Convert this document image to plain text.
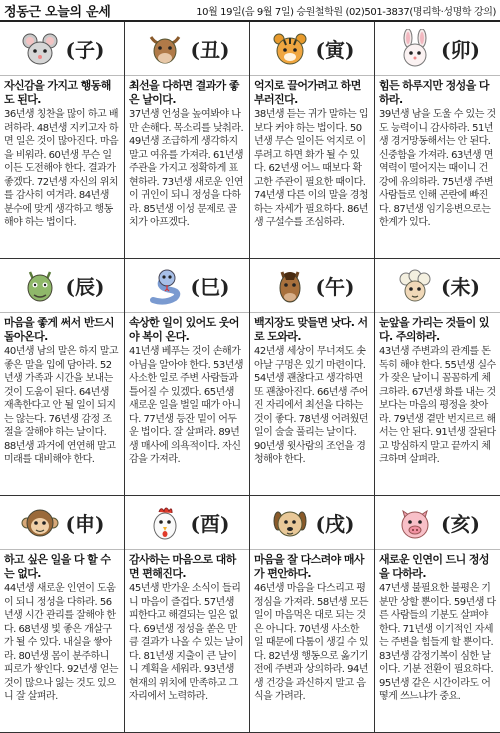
정동근 오늘의 운세	10월 19일(음 9월 7일) 승원철학원 (02)501-3837(명리학·성명학 강의)
(子)
자신감을 가지고 행동해도 된다.
36년생 칭찬을 많이 하고 배려하라. 48년생 지키고자 하면 일은 것이 많아진다. 마음을 비워라. 60년생 무슨 일이든 도전해야 한다. 결과가 좋겠다. 72년생 자신의 위치를 감사히 여겨라. 84년생 분수에 맞게 생각하고 행동해야 하는 법이다.
(丑)
최선을 다하면 결과가 좋은 날이다.
37년생 언성을 높여봐야 나만 손해다. 목소리를 낮춰라. 49년생 조급하게 생각하지 말고 여유를 가져라. 61년생 주관을 가지고 정확하게 표현하라. 73년생 새로운 인연이 귀인이 되니 정성을 다하라. 85년생 이성 문제로 골치가 아프겠다.
(寅)
억지로 끌어가려고 하면 부러진다.
38년생 듣는 귀가 말하는 입보다 커야 하는 법이다. 50년생 무슨 일이든 억지로 이루려고 하면 화가 될 수 있다. 62년생 어느 때보다 확고한 주관이 필요한 때이다. 74년생 다른 이의 말을 경청하는 자세가 필요하다. 86년생 구설수를 조심하라.
(卯)
힘든 하루지만 정성을 다하라.
39년생 남을 도울 수 있는 것도 능력이니 감사하라. 51년생 경거망동해서는 안 된다. 신중함을 가져라. 63년생 면역력이 떨어지는 때이니 건강에 유의하라. 75년생 주변 사람들로 인해 곤란에 빠진다. 87년생 임기응변으로는 한계가 있다.
(辰)
마음을 좋게 써서 반드시 돌아온다.
40년생 남의 말은 하지 말고 좋은 말을 입에 담아라. 52년생 가족과 시간을 보내는 것이 도움이 된다. 64년생 재촉한다고 안 될 일이 되지는 않는다. 76년생 감정 조절을 잘해야 하는 날이다. 88년생 과거에 연연해 말고 미래를 대비해야 한다.
(巳)
속상한 일이 있어도 웃어야 복이 온다.
41년생 베푸는 것이 손해가 아님을 알아야 한다. 53년생 사소한 일로 주변 사람들과 틀어질 수 있겠다. 65년생 새로운 일을 벌일 때가 아니다. 77년생 등잔 밑이 어두운 법이다. 잘 살펴라. 89년생 매사에 의욕적이다. 자신감을 가져라.
(午)
백지장도 맞들면 낫다. 서로 도와라.
42년생 세상이 무너져도 솟아날 구멍은 있기 마련이다. 54년생 괜찮다고 생각하면 또 괜찮아진다. 66년생 주어진 자리에서 최선을 다하는 것이 좋다. 78년생 어려웠던 일이 술술 풀리는 날이다. 90년생 윗사람의 조언을 경청해야 한다.
(未)
눈앞을 가리는 것들이 있다. 주의하라.
43년생 주변과의 관계를 돈독히 해야 한다. 55년생 실수가 잦은 날이니 꼼꼼하게 체크하라. 67년생 화를 내는 것보다는 마음의 평정을 찾아라. 79년생 곁만 번지르르 해서는 안 된다. 91년생 잘된다고 방심하지 말고 끝까지 체크하며 살펴라.
(申)
하고 싶은 일을 다 할 수는 없다.
44년생 새로운 인연이 도움이 되니 정성을 다하라. 56년생 시간 관리를 잘해야 한다. 68년생 빛 좋은 개살구가 될 수 있다. 내실을 쌓아라. 80년생 몸이 분주하니 피로가 쌓인다. 92년생 얻는 것이 많으나 잃는 것도 있으니 잘 살펴라.
(酉)
감사하는 마음으로 대하면 편해진다.
45년생 반가운 소식이 들리니 마음이 즐겁다. 57년생 피한다고 해결되는 일은 없다. 69년생 정성을 쏟은 만큼 결과가 나올 수 있는 날이다. 81년생 지출이 큰 날이니 계획을 세워라. 93년생 현재의 위치에 만족하고 그 자리에서 노력하라.
(戌)
마음을 잘 다스려야 매사가 편안하다.
46년생 마음을 다스리고 평정심을 가져라. 58년생 모든 일이 마음먹은 대로 되는 것은 아니다. 70년생 사소한 일 때문에 다툼이 생길 수 있다. 82년생 행동으로 옮기기 전에 주변과 상의하라. 94년생 건강을 과신하지 말고 음식을 가려라.
(亥)
새로운 인연이 드니 정성을 다하라.
47년생 불필요한 불평은 기분만 상할 뿐이다. 59년생 다른 사람들의 기분도 살펴야 한다. 71년생 이기적인 자세는 주변을 힘들게 할 뿐이다. 83년생 감정기복이 심한 날이다. 기분 전환이 필요하다. 95년생 같은 시간이라도 어떻게 쓰느냐가 중요.
